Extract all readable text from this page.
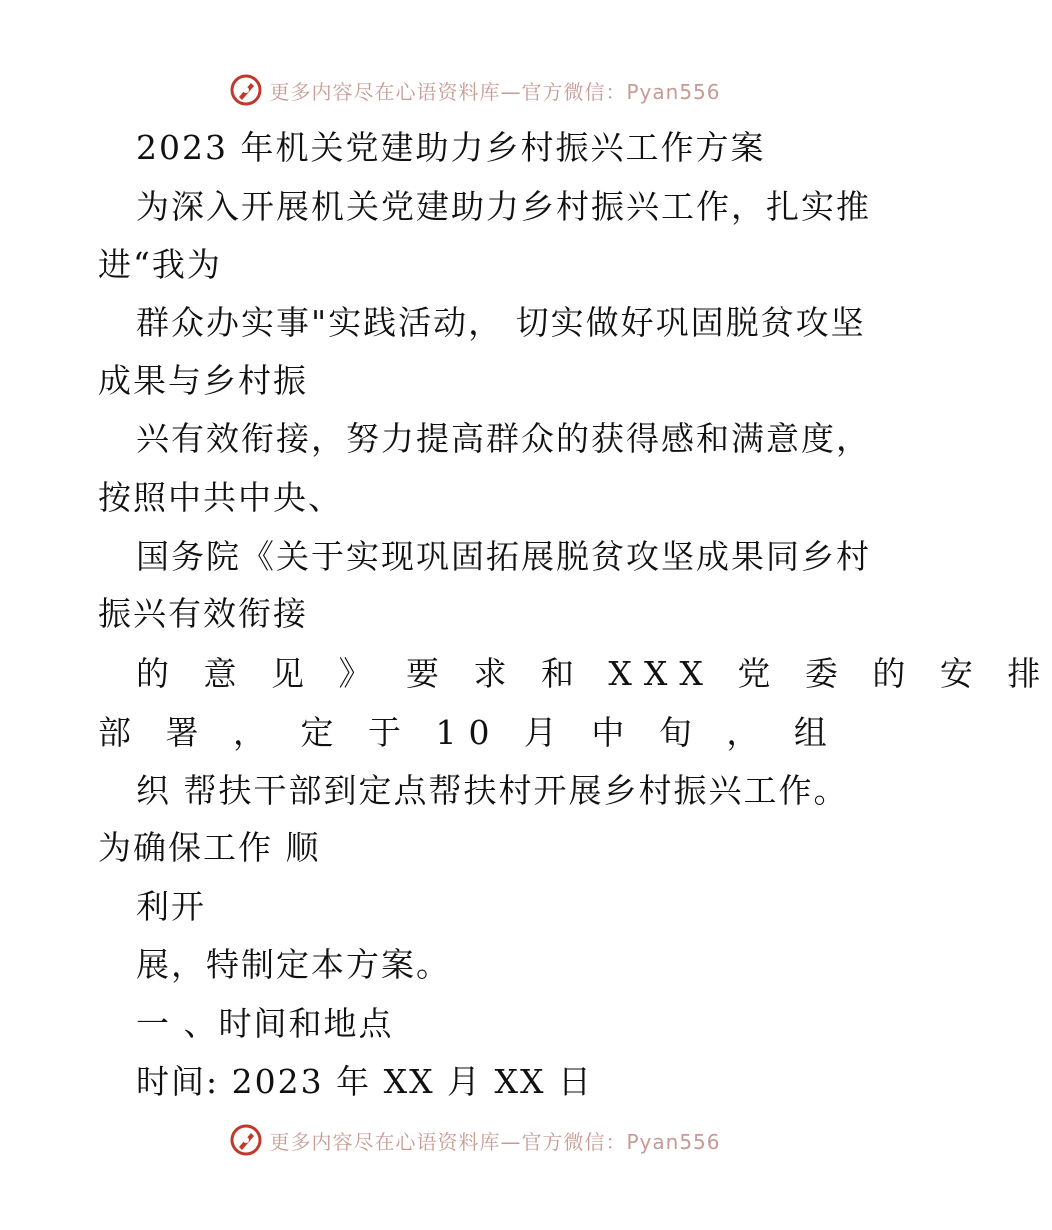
更多内容尽在心语资料库—官方微信：Pyan556
2023 年机关党建助力乡村振兴工作方案
为深入开展机关党建助力乡村振兴工作，扎实推
进“我为
群众办实事"实践活动， 切实做好巩固脱贫攻坚
成果与乡村振
兴有效衔接，努力提高群众的获得感和满意度，
按照中共中央、
国务院《关于实现巩固拓展脱贫攻坚成果同乡村
振兴有效衔接
的 意 见 》 要 求 和 XXX 党 委 的 安 排
部 署 ， 定 于 10 月 中 旬 ， 组
织 帮扶干部到定点帮扶村开展乡村振兴工作。
为确保工作 顺
利开
展，特制定本方案。
一 、时间和地点
时间: 2023 年 XX 月 XX 日
更多内容尽在心语资料库—官方微信：Pyan556
